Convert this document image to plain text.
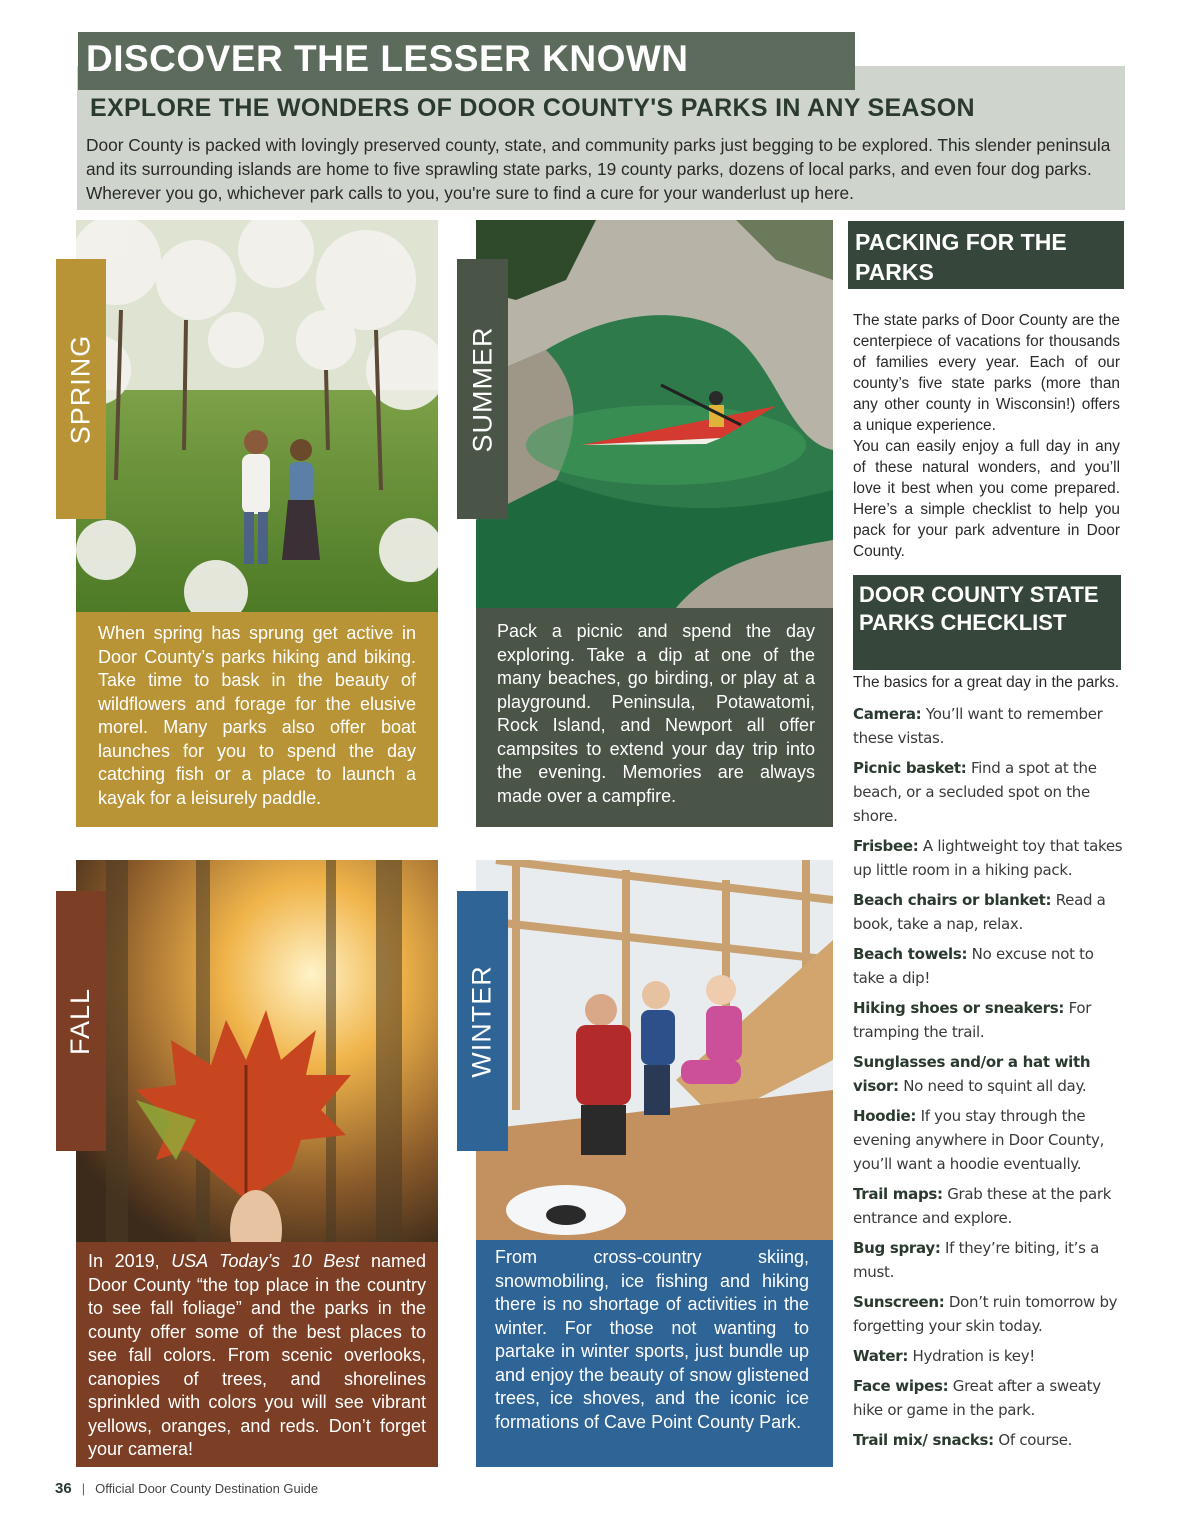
DISCOVER THE LESSER KNOWN
EXPLORE THE WONDERS OF DOOR COUNTY'S PARKS IN ANY SEASON
Door County is packed with lovingly preserved county, state, and community parks just begging to be explored. This slender peninsula and its surrounding islands are home to five sprawling state parks, 19 county parks, dozens of local parks, and even four dog parks. Wherever you go, whichever park calls to you, you're sure to find a cure for your wanderlust up here.
SPRING
When spring has sprung get active in Door County’s parks hiking and biking. Take time to bask in the beauty of wildflowers and forage for the elusive morel. Many parks also offer boat launches for you to spend the day catching fish or a place to launch a kayak for a leisurely paddle.
SUMMER
Pack a picnic and spend the day exploring. Take a dip at one of the many beaches, go birding, or play at a playground. Peninsula, Potawatomi, Rock Island, and Newport all offer campsites to extend your day trip into the evening. Memories are always made over a campfire.
FALL
In 2019, USA Today’s 10 Best named Door County “the top place in the country to see fall foliage” and the parks in the county offer some of the best places to see fall colors. From scenic overlooks, canopies of trees, and shorelines sprinkled with colors you will see vibrant yellows, oranges, and reds. Don’t forget your camera!
WINTER
From cross-country skiing, snowmobiling, ice fishing and hiking there is no shortage of activities in the winter. For those not wanting to partake in winter sports, just bundle up and enjoy the beauty of snow glistened trees, ice shoves, and the iconic ice formations of Cave Point County Park.
PACKING FOR THE PARKS
The state parks of Door County are the centerpiece of vacations for thousands of families every year. Each of our county’s five state parks (more than any other county in Wisconsin!) offers a unique experience.
You can easily enjoy a full day in any of these natural wonders, and you’ll love it best when you come prepared. Here’s a simple checklist to help you pack for your park adventure in Door County.
DOOR COUNTY STATE PARKS CHECKLIST
The basics for a great day in the parks.
Camera: You’ll want to remember these vistas.
Picnic basket: Find a spot at the beach, or a secluded spot on the shore.
Frisbee: A lightweight toy that takes up little room in a hiking pack.
Beach chairs or blanket: Read a book, take a nap, relax.
Beach towels: No excuse not to take a dip!
Hiking shoes or sneakers: For tramping the trail.
Sunglasses and/or a hat with visor: No need to squint all day.
Hoodie: If you stay through the evening anywhere in Door County, you’ll want a hoodie eventually.
Trail maps: Grab these at the park entrance and explore.
Bug spray: If they’re biting, it’s a must.
Sunscreen: Don’t ruin tomorrow by forgetting your skin today.
Water: Hydration is key!
Face wipes: Great after a sweaty hike or game in the park.
Trail mix/ snacks: Of course.
36 | Official Door County Destination Guide
